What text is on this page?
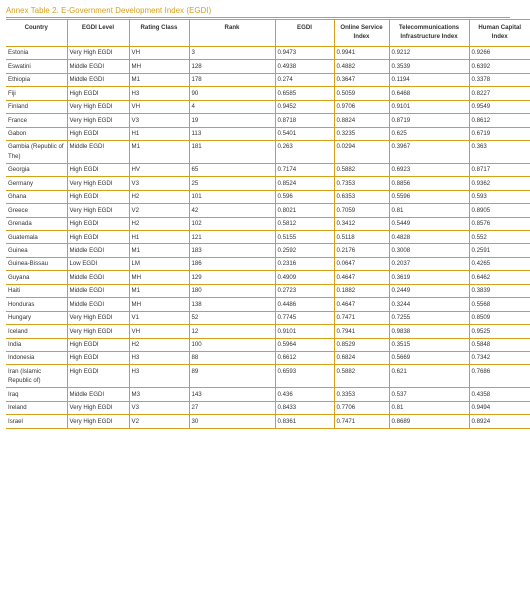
Annex Table 2. E-Government Development Index (EGDI)
Country	EGDI Level	Rating Class	Rank	EGDI	Online Service Index	Telecommunications Infrastructure Index	Human Capital Index
Estonia	Very High EGDI	VH	3	0.9473	0.9941	0.9212	0.9266
Eswatini	Middle EGDI	MH	128	0.4938	0.4882	0.3539	0.6392
Ethiopia	Middle EGDI	M1	178	0.274	0.3647	0.1194	0.3378
Fiji	High EGDI	H3	90	0.6585	0.5059	0.6468	0.8227
Finland	Very High EGDI	VH	4	0.9452	0.9706	0.9101	0.9549
France	Very High EGDI	V3	19	0.8718	0.8824	0.8719	0.8612
Gabon	High EGDI	H1	113	0.5401	0.3235	0.625	0.6719
Gambia (Republic of The)	Middle EGDI	M1	181	0.263	0.0294	0.3967	0.363
Georgia	High EGDI	HV	65	0.7174	0.5882	0.6923	0.8717
Germany	Very High EGDI	V3	25	0.8524	0.7353	0.8856	0.9362
Ghana	High EGDI	H2	101	0.596	0.6353	0.5596	0.593
Greece	Very High EGDI	V2	42	0.8021	0.7059	0.81	0.8905
Grenada	High EGDI	H2	102	0.5812	0.3412	0.5449	0.8576
Guatemala	High EGDI	H1	121	0.5155	0.5118	0.4828	0.552
Guinea	Middle EGDI	M1	183	0.2592	0.2176	0.3008	0.2591
Guinea-Bissau	Low EGDI	LM	186	0.2316	0.0647	0.2037	0.4265
Guyana	Middle EGDI	MH	129	0.4909	0.4647	0.3619	0.6462
Haiti	Middle EGDI	M1	180	0.2723	0.1882	0.2449	0.3839
Honduras	Middle EGDI	MH	138	0.4486	0.4647	0.3244	0.5568
Hungary	Very High EGDI	V1	52	0.7745	0.7471	0.7255	0.8509
Iceland	Very High EGDI	VH	12	0.9101	0.7941	0.9838	0.9525
India	High EGDI	H2	100	0.5964	0.8529	0.3515	0.5848
Indonesia	High EGDI	H3	88	0.6612	0.6824	0.5669	0.7342
Iran (Islamic Republic of)	High EGDI	H3	89	0.6593	0.5882	0.621	0.7686
Iraq	Middle EGDI	M3	143	0.436	0.3353	0.537	0.4358
Ireland	Very High EGDI	V3	27	0.8433	0.7706	0.81	0.9494
Israel	Very High EGDI	V2	30	0.8361	0.7471	0.8689	0.8924
